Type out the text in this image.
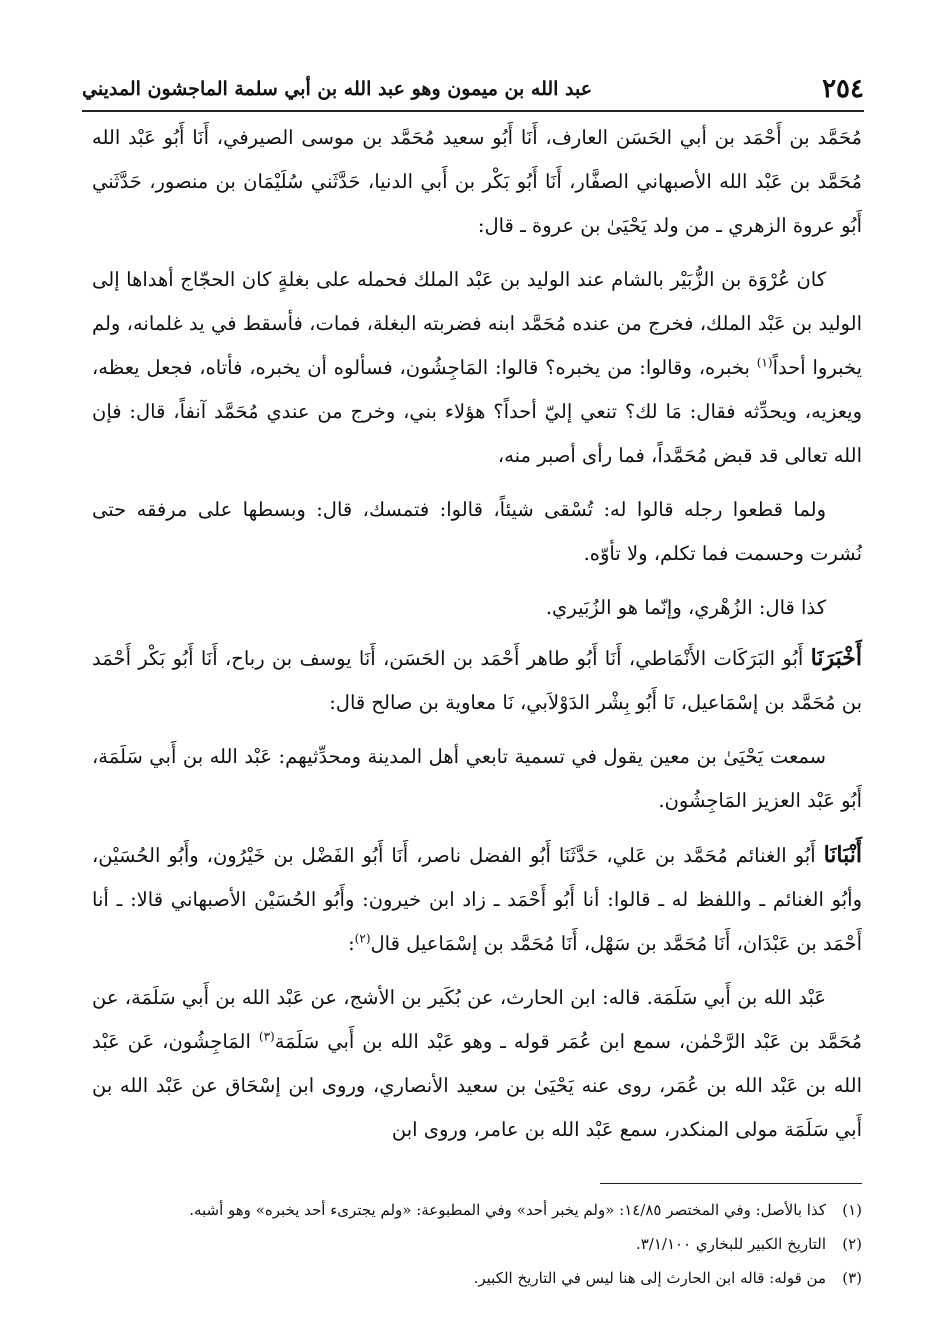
٢٥٤
عبد الله بن ميمون وهو عبد الله بن أبي سلمة الماجشون المديني

مُحَمَّد بن أَحْمَد بن أبي الحَسَن العارف، أَنَا أَبُو سعيد مُحَمَّد بن موسى الصيرفي، أَنَا أَبُو عَبْد الله مُحَمَّد بن عَبْد الله الأصبهاني الصفَّار، أَنَا أَبُو بَكْر بن أَبي الدنيا، حَدَّثَني سُلَيْمَان بن منصور، حَدَّثَني أَبُو عروة الزهري ـ من ولد يَحْيَىٰ بن عروة ـ قال:

كان عُرْوَة بن الزُّبَيْر بالشام عند الوليد بن عَبْد الملك فحمله على بغلةٍ كان الحجّاج أهداها إلى الوليد بن عَبْد الملك، فخرج من عنده مُحَمَّد ابنه فضربته البغلة، فمات، فأسقط في يد غلمانه، ولم يخبروا أحداً$^{(١)}$ بخبره، وقالوا: من يخبره؟ قالوا: المَاجِشُون، فسألوه أن يخبره، فأتاه، فجعل يعظه، ويعزيه، ويحدِّثه فقال: مَا لك؟ تنعي إليّ أحداً؟ هؤلاء بني، وخرج من عندي مُحَمَّد آنفاً، قال: فإن الله تعالى قد قبض مُحَمَّداً، فما رأى أصبر منه،

ولما قطعوا رجله قالوا له: تُسْقى شيئاً، قالوا: فتمسك، قال: وبسطها على مرفقه حتى نُشرت وحسمت فما تكلم، ولا تأوّه.

كذا قال: الزُهْري، وإنّما هو الزُبَيري.

أَخْبَرَنَا أَبُو البَرَكَات الأَنْمَاطي، أَنَا أَبُو طاهر أَحْمَد بن الحَسَن، أَنَا يوسف بن رباح، أَنَا أَبُو بَكْر أَحْمَد بن مُحَمَّد بن إسْمَاعيل، نَا أَبُو بِشْر الدَوْلاَبي، نَا معاوية بن صالح قال:

سمعت يَحْيَىٰ بن معين يقول في تسمية تابعي أهل المدينة ومحدِّثيهم: عَبْد الله بن أَبي سَلَمَة، أَبُو عَبْد العزيز المَاجِشُون.

أَنْبَانَا أَبُو الغنائم مُحَمَّد بن عَلي، حَدَّثَنَا أَبُو الفضل ناصر، أَنَا أَبُو الفَضْل بن خَيْرُون، وأَبُو الحُسَيْن، وأبُو الغنائم ـ واللفظ له ـ قالوا: أنا أَبُو أَحْمَد ـ زاد ابن خيرون: وأَبُو الحُسَيْن الأصبهاني قالا: ـ أنا أَحْمَد بن عَبْدَان، أَنَا مُحَمَّد بن سَهْل، أَنَا مُحَمَّد بن إسْمَاعيل قال$^{(٢)}$:

عَبْد الله بن أَبي سَلَمَة. قاله: ابن الحارث، عن بُكَير بن الأشج، عن عَبْد الله بن أَبي سَلَمَة، عن مُحَمَّد بن عَبْد الرَّحْمٰن، سمع ابن عُمَر قوله ـ وهو عَبْد الله بن أَبي سَلَمَة$^{(٣)}$ المَاجِشُون، عَن عَبْد الله بن عَبْد الله بن عُمَر، روى عنه يَحْيَىٰ بن سعيد الأنصاري، وروى ابن إسْحَاق عن عَبْد الله بن أَبي سَلَمَة مولى المنكدر، سمع عَبْد الله بن عامر، وروى ابن

(١)كذا بالأصل: وفي المختصر ١٤/٨٥: «ولم يخبر أحد» وفي المطبوعة: «ولم يجترىء أحد يخبره» وهو أشبه.
(٢)التاريخ الكبير للبخاري ٣/١/١٠٠.
(٣)من قوله: قاله ابن الحارث إلى هنا ليس في التاريخ الكبير.
